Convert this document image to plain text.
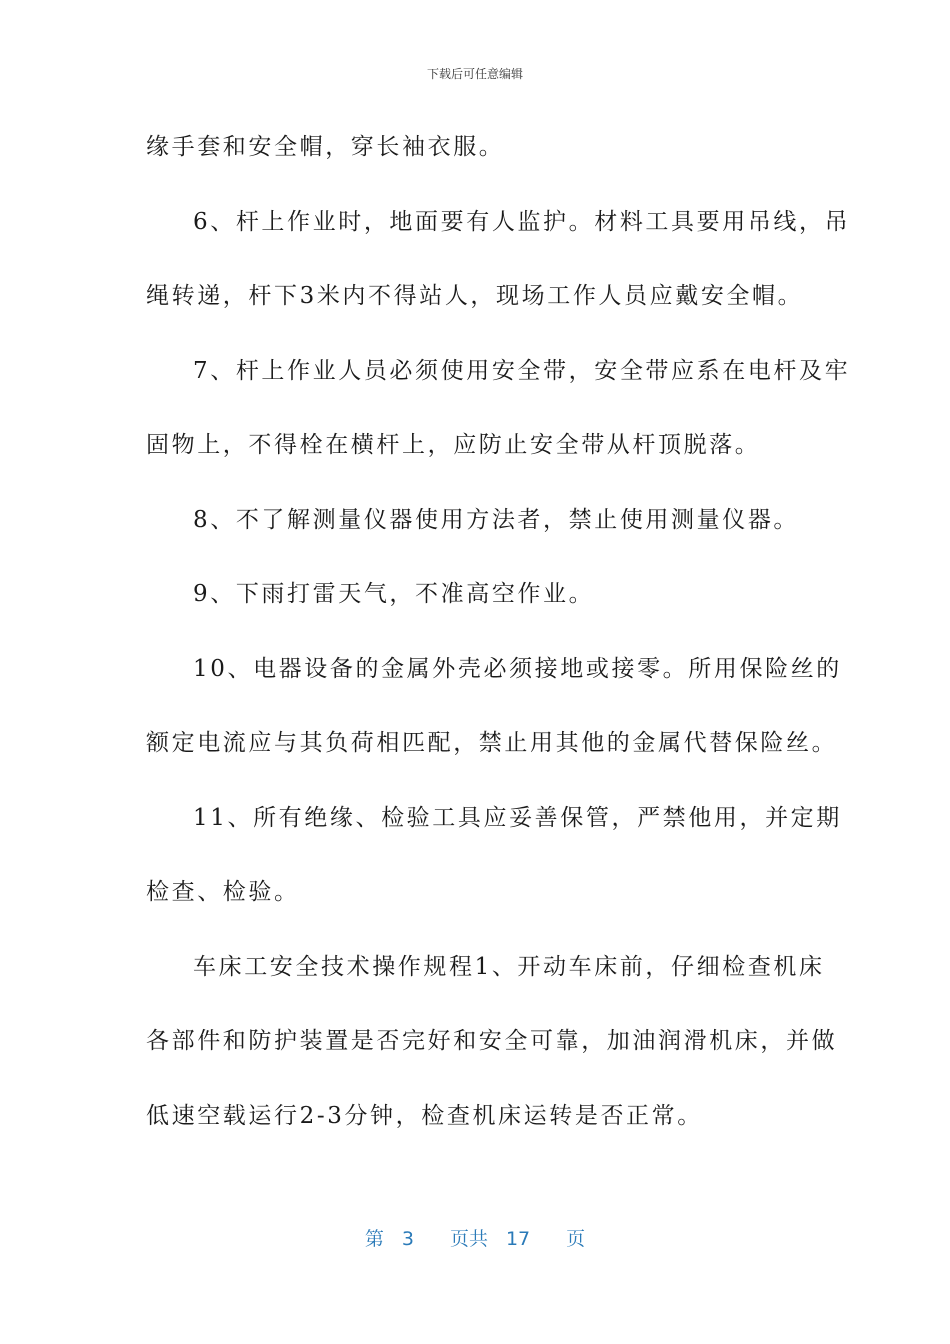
下载后可任意编辑
缘手套和安全帽，穿长袖衣服。
6、杆上作业时，地面要有人监护。材料工具要用吊线，吊
绳转递，杆下3米内不得站人，现场工作人员应戴安全帽。
7、杆上作业人员必须使用安全带，安全带应系在电杆及牢
固物上，不得栓在横杆上，应防止安全带从杆顶脱落。
8、不了解测量仪器使用方法者，禁止使用测量仪器。
9、下雨打雷天气，不准高空作业。
10、电器设备的金属外壳必须接地或接零。所用保险丝的
额定电流应与其负荷相匹配，禁止用其他的金属代替保险丝。
11、所有绝缘、检验工具应妥善保管，严禁他用，并定期
检查、检验。
车床工安全技术操作规程1、开动车床前，仔细检查机床
各部件和防护装置是否完好和安全可靠，加油润滑机床，并做
低速空载运行2-3分钟，检查机床运转是否正常。
第 3 页共 17 页
